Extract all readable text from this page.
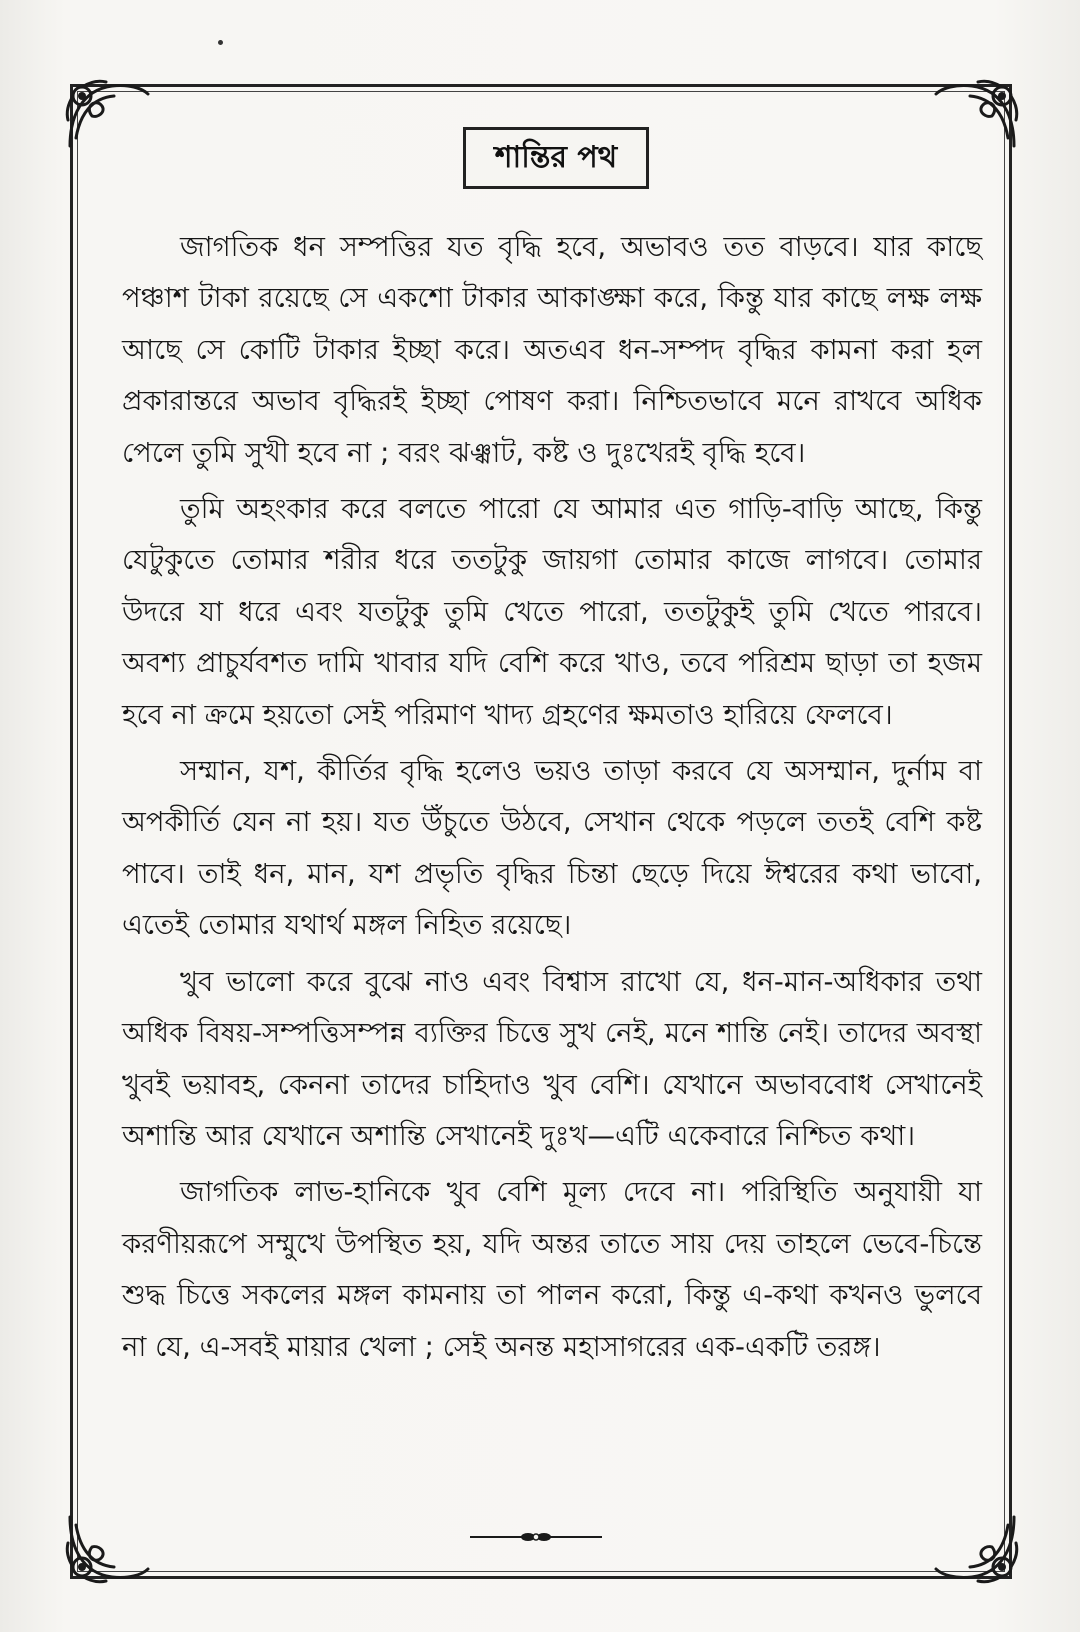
শান্তির পথ

জাগতিক ধন সম্পত্তির যত বৃদ্ধি হবে, অভাবও তত বাড়বে। যার কাছে পঞ্চাশ টাকা রয়েছে সে একশো টাকার আকাঙ্ক্ষা করে, কিন্তু যার কাছে লক্ষ লক্ষ আছে সে কোটি টাকার ইচ্ছা করে। অতএব ধন-সম্পদ বৃদ্ধির কামনা করা হল প্রকারান্তরে অভাব বৃদ্ধিরই ইচ্ছা পোষণ করা। নিশ্চিতভাবে মনে রাখবে অধিক পেলে তুমি সুখী হবে না ; বরং ঝঞ্ঝাট, কষ্ট ও দুঃখেরই বৃদ্ধি হবে।

তুমি অহংকার করে বলতে পারো যে আমার এত গাড়ি-বাড়ি আছে, কিন্তু যেটুকুতে তোমার শরীর ধরে ততটুকু জায়গা তোমার কাজে লাগবে। তোমার উদরে যা ধরে এবং যতটুকু তুমি খেতে পারো, ততটুকুই তুমি খেতে পারবে। অবশ্য প্রাচুর্যবশত দামি খাবার যদি বেশি করে খাও, তবে পরিশ্রম ছাড়া তা হজম হবে না ক্রমে হয়তো সেই পরিমাণ খাদ্য গ্রহণের ক্ষমতাও হারিয়ে ফেলবে।

সম্মান, যশ, কীর্তির বৃদ্ধি হলেও ভয়ও তাড়া করবে যে অসম্মান, দুর্নাম বা অপকীর্তি যেন না হয়। যত উঁচুতে উঠবে, সেখান থেকে পড়লে ততই বেশি কষ্ট পাবে। তাই ধন, মান, যশ প্রভৃতি বৃদ্ধির চিন্তা ছেড়ে দিয়ে ঈশ্বরের কথা ভাবো, এতেই তোমার যথার্থ মঙ্গল নিহিত রয়েছে।

খুব ভালো করে বুঝে নাও এবং বিশ্বাস রাখো যে, ধন-মান-অধিকার তথা অধিক বিষয়-সম্পত্তিসম্পন্ন ব্যক্তির চিত্তে সুখ নেই, মনে শান্তি নেই। তাদের অবস্থা খুবই ভয়াবহ, কেননা তাদের চাহিদাও খুব বেশি। যেখানে অভাববোধ সেখানেই অশান্তি আর যেখানে অশান্তি সেখানেই দুঃখ—এটি একেবারে নিশ্চিত কথা।

জাগতিক লাভ-হানিকে খুব বেশি মূল্য দেবে না। পরিস্থিতি অনুযায়ী যা করণীয়রূপে সম্মুখে উপস্থিত হয়, যদি অন্তর তাতে সায় দেয় তাহলে ভেবে-চিন্তে শুদ্ধ চিত্তে সকলের মঙ্গল কামনায় তা পালন করো, কিন্তু এ-কথা কখনও ভুলবে না যে, এ-সবই মায়ার খেলা ; সেই অনন্ত মহাসাগরের এক-একটি তরঙ্গ।
